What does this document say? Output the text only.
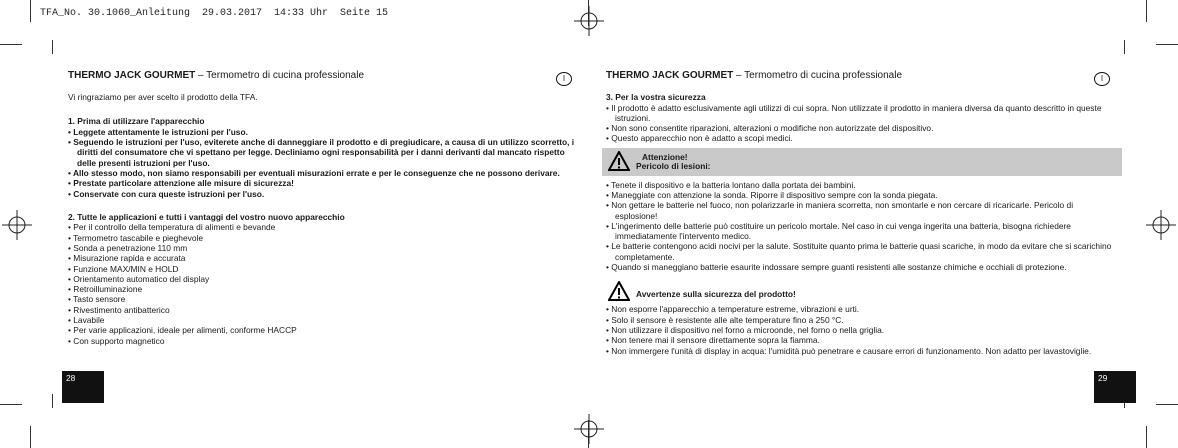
TFA_No. 30.1060_Anleitung  29.03.2017  14:33 Uhr  Seite 15
I	I
THERMO JACK GOURMET – Termometro di cucina professionale

Vi ringraziamo per aver scelto il prodotto della TFA.

1. Prima di utilizzare l'apparecchio

• Leggete attentamente le istruzioni per l'uso.
• Seguendo le istruzioni per l'uso, eviterete anche di danneggiare il prodotto e di pregiudicare, a causa di un utilizzo scorretto, i diritti del consumatore che vi spettano per legge. Decliniamo ogni responsabilità per i danni derivanti dal mancato rispetto delle presenti istruzioni per l'uso.
• Allo stesso modo, non siamo responsabili per eventuali misurazioni errate e per le conseguenze che ne possono derivare.
• Prestate particolare attenzione alle misure di sicurezza!
• Conservate con cura queste istruzioni per l'uso.

2. Tutte le applicazioni e tutti i vantaggi del vostro nuovo apparecchio

• Per il controllo della temperatura di alimenti e bevande
• Termometro tascabile e pieghevole
• Sonda a penetrazione 110 mm
• Misurazione rapida e accurata
• Funzione MAX/MIN e HOLD
• Orientamento automatico del display
• Retroilluminazione
• Tasto sensore
• Rivestimento antibatterico
• Lavabile
• Per varie applicazioni, ideale per alimenti, conforme HACCP
• Con supporto magnetico
28
THERMO JACK GOURMET – Termometro di cucina professionale

3. Per la vostra sicurezza

• Il prodotto è adatto esclusivamente agli utilizzi di cui sopra. Non utilizzate il prodotto in maniera diversa da quanto descritto in queste istruzioni.
• Non sono consentite riparazioni, alterazioni o modifiche non autorizzate del dispositivo.
• Questo apparecchio non è adatto a scopi medici.
Attenzione!
Pericolo di lesioni:
• Tenete il dispositivo e la batteria lontano dalla portata dei bambini.
• Maneggiate con attenzione la sonda. Riporre il dispositivo sempre con la sonda piegata.
• Non gettare le batterie nel fuoco, non polarizzarle in maniera scorretta, non smontarle e non cercare di ricaricarle. Pericolo di esplosione!
• L'ingerimento delle batterie può costituire un pericolo mortale. Nel caso in cui venga ingerita una batteria, bisogna richiedere immediatamente l'intervento medico.
• Le batterie contengono acidi nocivi per la salute. Sostituite quanto prima le batterie quasi scariche, in modo da evitare che si scarichino completamente.
• Quando si maneggiano batterie esaurite indossare sempre guanti resistenti alle sostanze chimiche e occhiali di protezione.
Avvertenze sulla sicurezza del prodotto!
• Non esporre l'apparecchio a temperature estreme, vibrazioni e urti.
• Solo il sensore è resistente alle alte temperature fino a 250 °C.
• Non utilizzare il dispositivo nel forno a microonde, nel forno o nella griglia.
• Non tenere mai il sensore direttamente sopra la fiamma.
• Non immergere l'unità di display in acqua: l'umidità può penetrare e causare errori di funzionamento. Non adatto per lavastoviglie.
29
